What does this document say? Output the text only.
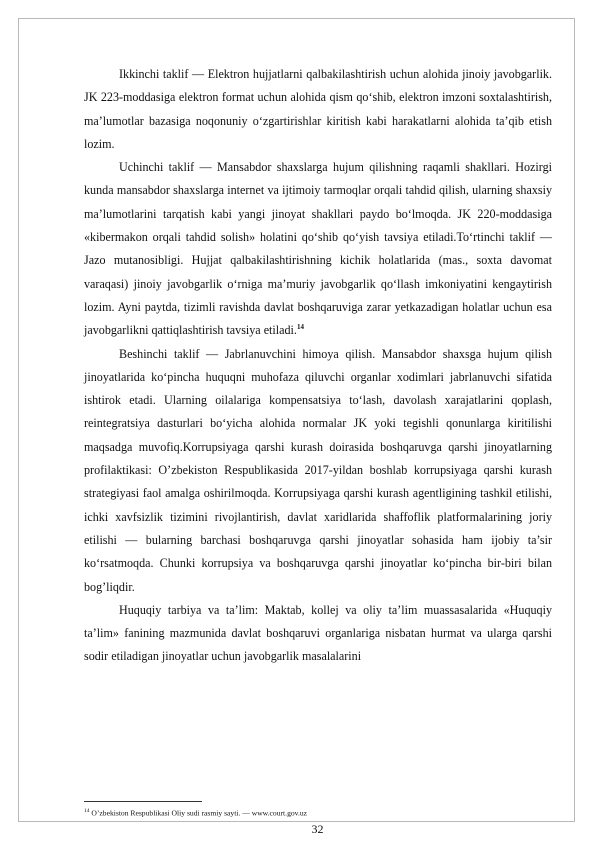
Ikkinchi taklif — Elektron hujjatlarni qalbakilashtirish uchun alohida jinoiy javobgarlik. JK 223-moddasiga elektron format uchun alohida qism qo‘shib, elektron imzoni soxtalashtirish, ma’lumotlar bazasiga noqonuniy o‘zgartirishlar kiritish kabi harakatlarni alohida ta’qib etish lozim.

Uchinchi taklif — Mansabdor shaxslarga hujum qilishning raqamli shakllari. Hozirgi kunda mansabdor shaxslarga internet va ijtimoiy tarmoqlar orqali tahdid qilish, ularning shaxsiy ma’lumotlarini tarqatish kabi yangi jinoyat shakllari paydo bo‘lmoqda. JK 220-moddasiga «kibermakon orqali tahdid solish» holatini qo‘shib qo‘yish tavsiya etiladi.To‘rtinchi taklif — Jazo mutanosibligi. Hujjat qalbakilashtirishning kichik holatlarida (mas., soxta davomat varaqasi) jinoiy javobgarlik o‘rniga ma’muriy javobgarlik qo‘llash imkoniyatini kengaytirish lozim. Ayni paytda, tizimli ravishda davlat boshqaruviga zarar yetkazadigan holatlar uchun esa javobgarlikni qattiqlashtirish tavsiya etiladi.$^{14}$

Beshinchi taklif — Jabrlanuvchini himoya qilish. Mansabdor shaxsga hujum qilish jinoyatlarida ko‘pincha huquqni muhofaza qiluvchi organlar xodimlari jabrlanuvchi sifatida ishtirok etadi. Ularning oilalariga kompensatsiya to‘lash, davolash xarajatlarini qoplash, reintegratsiya dasturlari bo‘yicha alohida normalar JK yoki tegishli qonunlarga kiritilishi maqsadga muvofiq.Korrupsiyaga qarshi kurash doirasida boshqaruvga qarshi jinoyatlarning profilaktikasi: O’zbekiston Respublikasida 2017-yildan boshlab korrupsiyaga qarshi kurash strategiyasi faol amalga oshirilmoqda. Korrupsiyaga qarshi kurash agentligining tashkil etilishi, ichki xavfsizlik tizimini rivojlantirish, davlat xaridlarida shaffoflik platformalarining joriy etilishi — bularning barchasi boshqaruvga qarshi jinoyatlar sohasida ham ijobiy ta’sir ko‘rsatmoqda. Chunki korrupsiya va boshqaruvga qarshi jinoyatlar ko‘pincha bir-biri bilan bog’liqdir.

Huquqiy tarbiya va ta’lim: Maktab, kollej va oliy ta’lim muassasalarida «Huquqiy ta’lim» fanining mazmunida davlat boshqaruvi organlariga nisbatan hurmat va ularga qarshi sodir etiladigan jinoyatlar uchun javobgarlik masalalarini

$^{14}$ O’zbekiston Respublikasi Oliy sudi rasmiy sayti. — www.court.gov.uz
32
